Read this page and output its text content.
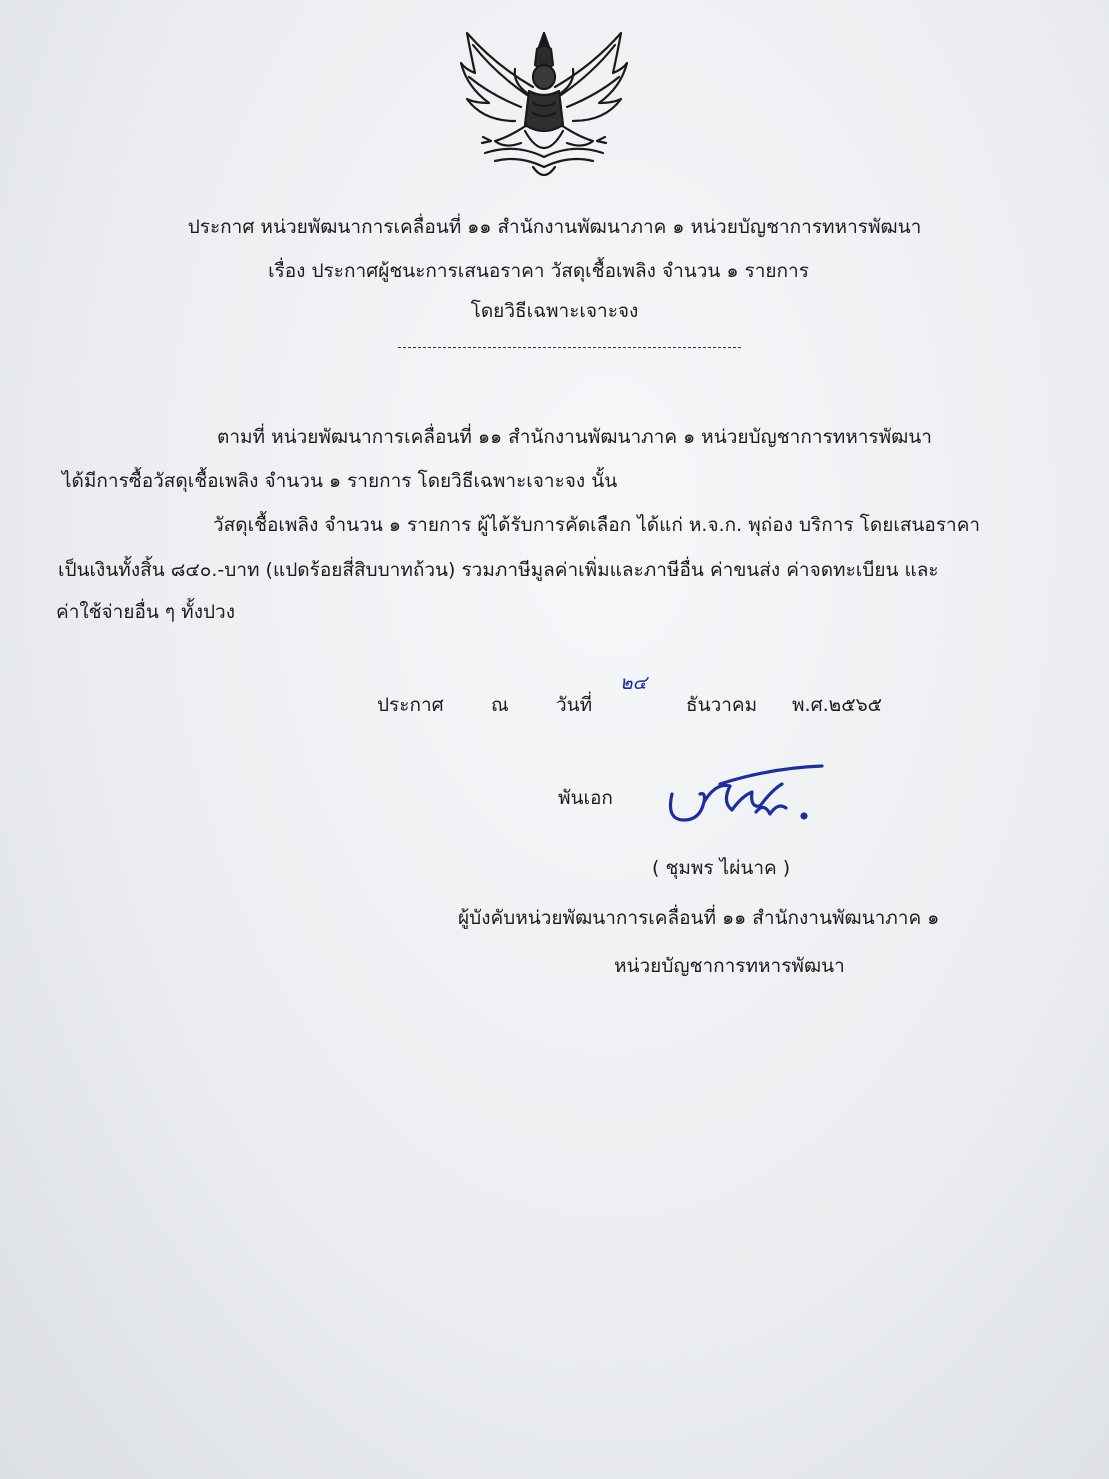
ประกาศ หน่วยพัฒนาการเคลื่อนที่ ๑๑ สำนักงานพัฒนาภาค ๑ หน่วยบัญชาการทหารพัฒนา
เรื่อง ประกาศผู้ชนะการเสนอราคา วัสดุเชื้อเพลิง จำนวน ๑ รายการ
โดยวิธีเฉพาะเจาะจง
ตามที่ หน่วยพัฒนาการเคลื่อนที่ ๑๑ สำนักงานพัฒนาภาค ๑ หน่วยบัญชาการทหารพัฒนา
ได้มีการซื้อวัสดุเชื้อเพลิง จำนวน ๑ รายการ โดยวิธีเฉพาะเจาะจง นั้น
วัสดุเชื้อเพลิง จำนวน ๑ รายการ ผู้ได้รับการคัดเลือก ได้แก่ ห.จ.ก. พุถ่อง บริการ โดยเสนอราคา
เป็นเงินทั้งสิ้น ๘๔๐.-บาท (แปดร้อยสี่สิบบาทถ้วน) รวมภาษีมูลค่าเพิ่มและภาษีอื่น ค่าขนส่ง ค่าจดทะเบียน และ
ค่าใช้จ่ายอื่น ๆ ทั้งปวง
ประกาศ ณ วันที่
๒๔
ธันวาคม พ.ศ.๒๕๖๕
พันเอก
( ชุมพร ไผ่นาค )
ผู้บังคับหน่วยพัฒนาการเคลื่อนที่ ๑๑ สำนักงานพัฒนาภาค ๑
หน่วยบัญชาการทหารพัฒนา
